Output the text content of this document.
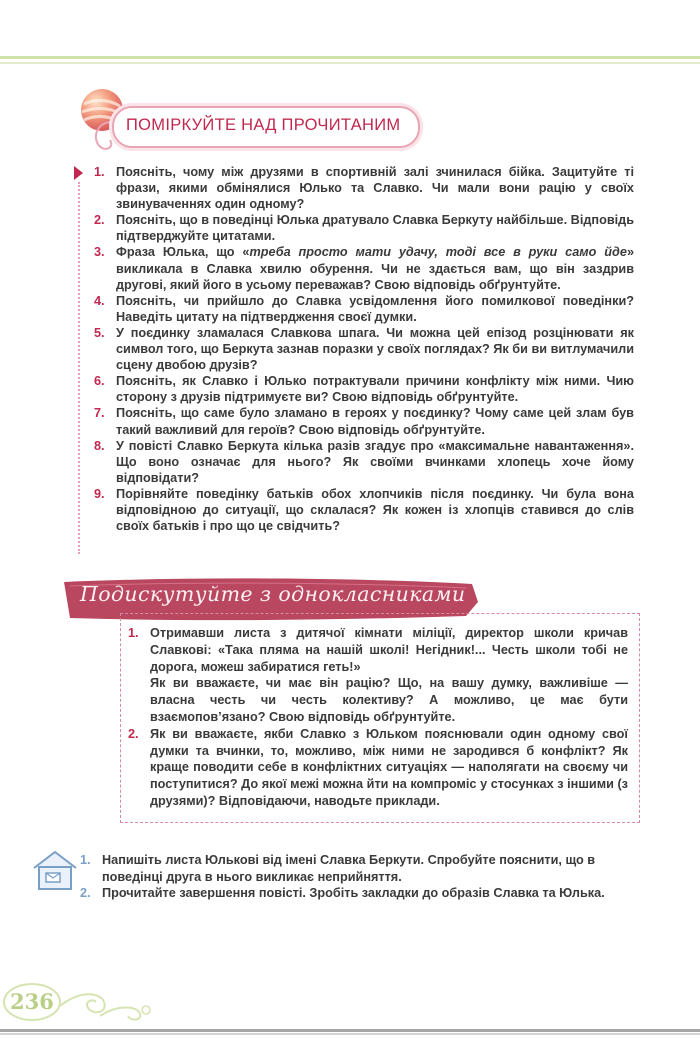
ПОМІРКУЙТЕ НАД ПРОЧИТАНИМ
1. Поясніть, чому між друзями в спортивній залі зчинилася бійка. Зацитуйте ті фрази, якими обмінялися Юлько та Славко. Чи мали вони рацію у своїх звинуваченнях один одному?
2. Поясніть, що в поведінці Юлька дратувало Славка Беркуту найбільше. Відповідь підтверджуйте цитатами.
3. Фраза Юлька, що «треба просто мати удачу, тоді все в руки само йде» викликала в Славка хвилю обурення. Чи не здається вам, що він заздрив другові, який його в усьому переважав? Свою відповідь обґрунтуйте.
4. Поясніть, чи прийшло до Славка усвідомлення його помилкової поведінки? Наведіть цитату на підтвердження своєї думки.
5. У поєдинку зламалася Славкова шпага. Чи можна цей епізод розцінювати як символ того, що Беркута зазнав поразки у своїх поглядах? Як би ви витлумачили сцену двобою друзів?
6. Поясніть, як Славко і Юлько потрактували причини конфлікту між ними. Чию сторону з друзів підтримуєте ви? Свою відповідь обґрунтуйте.
7. Поясніть, що саме було зламано в героях у поєдинку? Чому саме цей злам був такий важливий для героїв? Свою відповідь обґрунтуйте.
8. У повісті Славко Беркута кілька разів згадує про «максимальне навантаження». Що воно означає для нього? Як своїми вчинками хлопець хоче йому відповідати?
9. Порівняйте поведінку батьків обох хлопчиків після поєдинку. Чи була вона відповідною до ситуації, що склалася? Як кожен із хлопців ставився до слів своїх батьків і про що це свідчить?
Подискутуйте з однокласниками
1. Отримавши листа з дитячої кімнати міліції, директор школи кричав Славкові: «Така пляма на нашій школі! Негідник!... Честь школи тобі не дорога, можеш забиратися геть!»

Як ви вважаєте, чи має він рацію? Що, на вашу думку, важливіше — власна честь чи честь колективу? А можливо, це має бути взаємопов’язано? Свою відповідь обґрунтуйте.

2. Як ви вважаєте, якби Славко з Юльком пояснювали один одному свої думки та вчинки, то, можливо, між ними не зародився б конфлікт? Як краще поводити себе в конфліктних ситуаціях — наполягати на своєму чи поступитися? До якої межі можна йти на компроміс у стосунках з іншими (з друзями)? Відповідаючи, наводьте приклади.

1. Напишіть листа Юлькові від імені Славка Беркути. Спробуйте пояснити, що в поведінці друга в нього викликає неприйняття.
2. Прочитайте завершення повісті. Зробіть закладки до образів Славка та Юлька.
236
